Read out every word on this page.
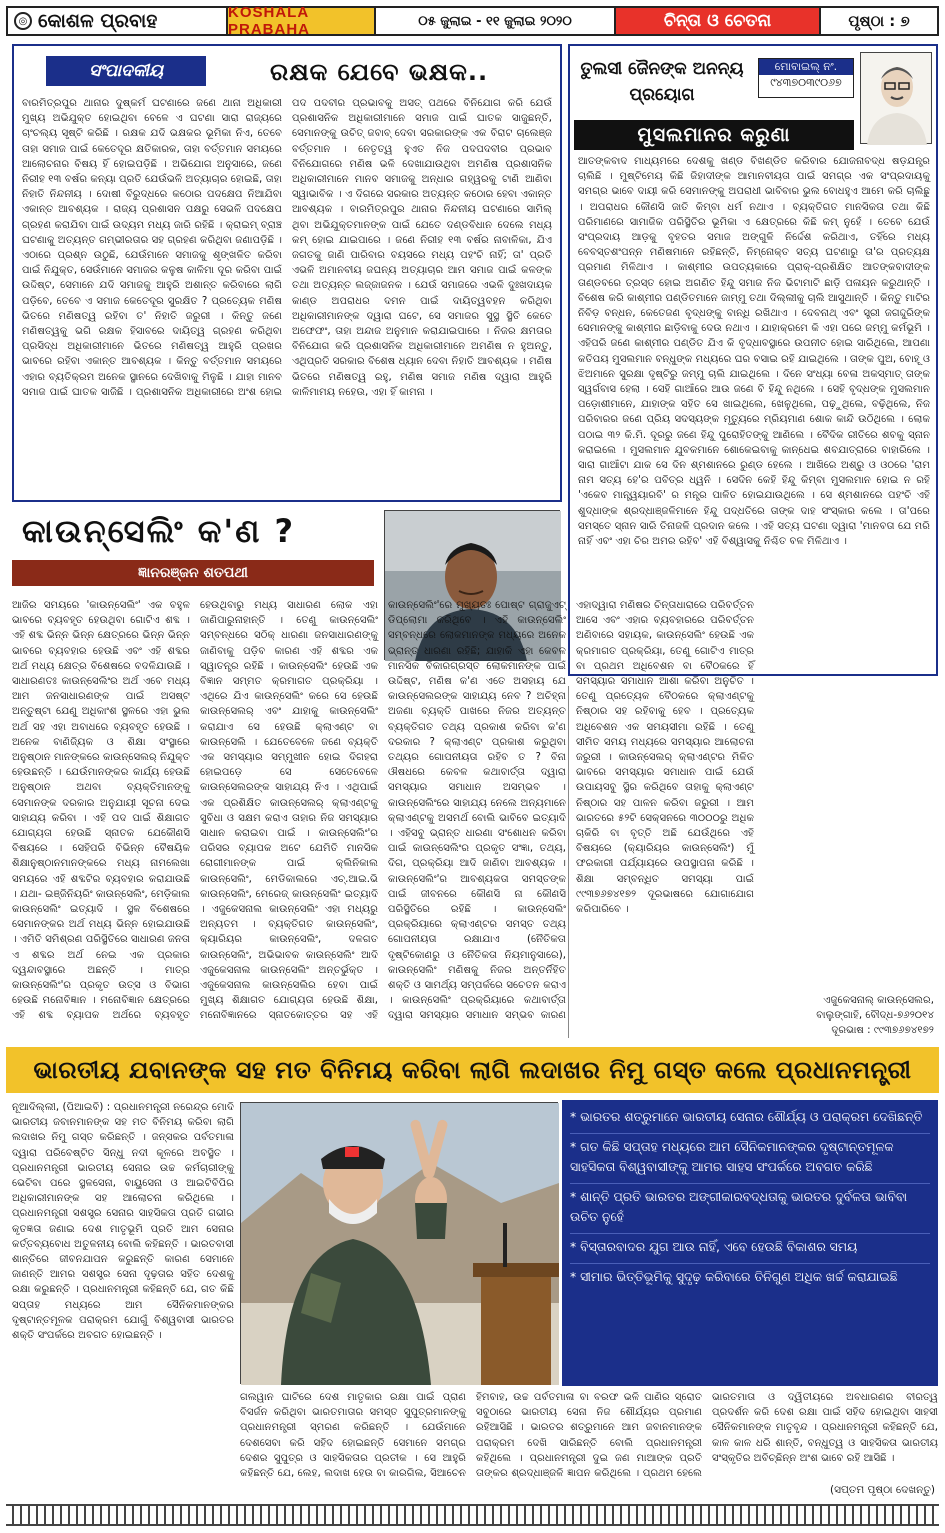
◎ କୋଶଳ ପ୍ରବାହ	KOSHALA PRABAHA	୦୫ ଜୁଲାଇ - ୧୧ ଜୁଲାଇ ୨୦୨୦	ଚିନ୍ତା ଓ ଚେତନା	ପୃଷ୍ଠା : ୭
ସଂପାଦକୀୟ	ରକ୍ଷକ ଯେବେ ଭକ୍ଷକ..
ବାରମିତ୍ରପୁର ଥାନାର ଦୁଷ୍କର୍ମ ଘଟଣାରେ ଜଣେ ଥାନା ଅଧିକାରୀ ମୁଖ୍ୟ ଅଭିଯୁକ୍ତ ହୋଇଥିବା ବେଳେ ଏ ଘଟଣା ସାରା ରାଜ୍ୟରେ ଚାଂଚଲ୍ୟ ସୃଷ୍ଟି କରିଛି । ରକ୍ଷକ ଯଦି ଭକ୍ଷକର ଭୂମିକା ନିଏ, ତେବେ ତାହା ସମାଜ ପାଇଁ କେତେଦୂର କ୍ଷତିକାରକ, ତାହା ବର୍ତ୍ତମାନ ସମୟରେ ଆଲୋଚନାର ବିଷୟ ହିଁ ହୋଇପଡ଼ିଛି । ଅଭିଯୋଗ ଅନୁସାରେ, ଜଣେ ନିରୀହ ୧୩ ବର୍ଷର କନ୍ୟା ପ୍ରତି ଯେଉଁଭଳି ଅତ୍ୟାଚାର ହୋଇଛି, ତାହା ନିହାତି ନିନ୍ଦନୀୟ । ଦୋଷୀ ବିରୁଦ୍ଧରେ କଠୋର ପଦକ୍ଷେପ ନିଆଯିବା ଏକାନ୍ତ ଆବଶ୍ୟକ । ରାଜ୍ୟ ପ୍ରଶାସନ ପକ୍ଷରୁ ସେଭଳି ପଦକ୍ଷେପ ଗ୍ରହଣ କରାଯିବା ପାଇଁ ଉଦ୍ୟମ ମଧ୍ୟ ଜାରି ରହିଛି । କ୍ରାଇମ୍ ବ୍ରାଞ୍ଚ ଘଟଣାକୁ ଅତ୍ୟନ୍ତ ଗମ୍ଭୀରତାର ସହ ଗ୍ରହଣ କରିଥିବା ଜଣାପଡ଼ିଛି । ଏଠାରେ ପ୍ରଶ୍ନ ଉଠୁଛି, ଯେଉଁମାନେ ସମାଜକୁ ଶୃଙ୍ଖଳିତ କରିବା ପାଇଁ ନିଯୁକ୍ତ, ସେଉଁମାନେ ସମାଜର କଳୁଷ କାଳିମା ଦୂର କରିବା ପାଇଁ ଉଦ୍ଦିଷ୍ଟ, ସେମାନେ ଯଦି ସମାଜକୁ ଆହୁରି ଅଶାନ୍ତ କରିବାରେ ଲାଗି ପଡ଼ିବେ, ତେବେ ଏ ସମାଜ କେତେଦୂର ସୁରକ୍ଷିତ ? ପ୍ରତ୍ୟେକ ମଣିଷ ଭିତରେ ମଣିଷତ୍ୱ ରହିବା ତ' ନିହାତି ଜରୁରୀ । କିନ୍ତୁ ଜଣେ ମଣିଷତ୍ୱକୁ ଭଗି ରକ୍ଷକ ହିସାବରେ ଦାୟିତ୍ୱ ଗ୍ରହଣ କରିଥିବା ପ୍ରସିଦ୍ଧ ଅଧିକାରୀମାନେ ଭିତରେ ମଣିଷତ୍ୱ ଆହୁରି ପ୍ରଖର ଭାବରେ ରହିବା ଏକାନ୍ତ ଆବଶ୍ୟକ । କିନ୍ତୁ ବର୍ତ୍ତମାନ ସମୟରେ ଏହାର ବ୍ୟତିକ୍ରମ ଅନେକ ସ୍ଥାନରେ ଦେଖିବାକୁ ମିଳୁଛି । ଯାହା ମାନବ ସମାଜ ପାଇଁ ଘାତକ ସାଜିଛି । ପ୍ରଶାସନିକ ଅଧିକାରୀରେ ଅଂଶ ହୋଇ ପଦ ପଦବୀର ପ୍ରଭାବକୁ ଅସତ୍ ପଥରେ ବିନିଯୋଗ କରି ଯେଉଁ ପ୍ରଶାସନିକ ଅଧିକାରୀମାନେ ସମାଜ ପାଇଁ ଘାତକ ସାଜୁଛନ୍ତି, ସେମାନଙ୍କୁ ଉଚିତ୍ ଜବାବ୍ ଦେବା ସରକାରଙ୍କ ଏକ ବିରାଟ ଚାଲେଞ୍ଜ ବର୍ତ୍ତମାନ । ନେତୃତ୍ୱ ହୁଏତ ନିଜ ପଦପଦବୀର ପ୍ରଭାବ ବିନିଯୋଗରେ ମଣିଷ ଭଳି ଦେଖାଯାଉଥିବା ଅମଣିଷ ପ୍ରଶାସନିକ ଅଧିକାରୀମାନେ ମାନବ ସମାଜକୁ ଅନ୍ଧାର ଗହ୍ୱରକୁ ଟାଣି ଆଣିବା ସ୍ୱାଭାବିକ । ଏ ଦିଗରେ ସରକାର ଅତ୍ୟନ୍ତ କଠୋର ହେବା ଏକାନ୍ତ ଆବଶ୍ୟକ । ବାରମିତ୍ରପୁର ଥାନାର ନିନ୍ଦନୀୟ ଘଟଣାରେ ସାମିଲ୍ ଥିବା ଅଭିଯୁକ୍ତମାନଙ୍କ ପାଇଁ ଯେତେ ଦଣ୍ଡବିଧାନ ଦେଲେ ମଧ୍ୟ କମ୍ ହୋଇ ଯାଇପାରେ । ଜଣେ ନିରୀହ ୧୩ ବର୍ଷର ନାବାଳିକା, ଯିଏ ଜଗତକୁ ଜାଣି ପାରିବାର ବୟସରେ ମଧ୍ୟ ପହଂଚି ନାହିଁ; ତା' ପ୍ରତି ଏଭଳି ଅମାନବୀୟ ଜଘନ୍ୟ ଅତ୍ୟାଚାର ଆମ ସମାଜ ପାଇଁ କଳଙ୍କ ତଥା ଅତ୍ୟନ୍ତ ଲଜ୍ଜାଜନକ । ଯେଉଁ ସମାଜରେ ଏଭଳି ଦୁଃଖଦାୟକ କାଣ୍ଡ ଅପରାଧର ଦମନ ପାଇଁ ଦାୟିତ୍ୱବହନ କରିଥିବା ଅଧିକାରୀମାନଙ୍କ ଦ୍ୱାରା ଘଟେ, ସେ ସମାଜର ସୁସ୍ଥ ସ୍ଥିତି କେତେ ଅଫେଫଂ, ତାହା ଅନ୍ଦାଜ ଅନୁମାନ କରାଯାଇପାରେ । ନିଜର କ୍ଷମତାର ବିନିଯୋଗ କରି ପ୍ରଶାସନିକ ଅଧିକାରୀମାନେ ଅମଣିଷ ନ ହୁଅନ୍ତୁ, ଏଥିପ୍ରତି ସରକାର ବିଶେଷ ଧ୍ୟାନ ଦେବା ନିହାତି ଆବଶ୍ୟକ । ମଣିଷ ଭିତରେ ମଣିଷତ୍ୱ ରହୁ, ମଣିଷ ସମାଜ ମଣିଷ ଦ୍ୱାରା ଆହୁରି କାଳିମାମୟ ନହେଉ, ଏହା ହିଁ କାମନା ।
ତୁଲସୀ ଜୈନଙ୍କ ଅନନ୍ୟ ପ୍ରୟୋଗ
ମୋବାଇଲ୍ ନଂ.
୯୪୩୭୦୩୯୦୬୭
ମୁସଲମାନର କରୁଣା
ଆତଙ୍କବାଦ ମାଧ୍ୟମରେ ଦେଶକୁ ଖଣ୍ଡ ବିଖଣ୍ଡିତ କରିବାର ଯୋଜନାବଦ୍ଧ ଷଡ଼ଯନ୍ତ୍ର ଚାଲିଛି । ମୁଷ୍ଟିମେୟ କିଛି ଜିହାଦୀଙ୍କ ଆମାନବୀୟତା ପାଇଁ ସମଗ୍ର ଏକ ସଂପ୍ରଦାୟକୁ ସମଗ୍ର ଭାବେ ଦାୟୀ କରି ସେମାନଙ୍କୁ ଅପରାଧୀ ଭାବିବାର ଭୁଲ ବୋଧହୁଏ ଆମେ କରି ଚାଲିଛୁ । ଅପରାଧର କୌଣସି ଜାତି କିମ୍ବା ଧର୍ମ ନଥାଏ । ବ୍ୟକ୍ତିଗତ ମାନସିକତା ତଥା କିଛି ପରିମାଣରେ ସାମାଜିକ ପରିସ୍ଥିତିର ଭୂମିକା ଏ କ୍ଷେତ୍ରରେ କିଛି କମ୍ ନୁହେଁ । ତେବେ ଯେଉଁ ସଂପ୍ରଦାୟ ଆଡ଼କୁ ବୃହତର ସମାଜ ଅଙ୍ଗୁଳି ନିର୍ଦ୍ଦେଶ କରିଥାଏ, ତହିଁରେ ମଧ୍ୟ ବେବସ୍ତଶଂପନ୍ନ ମଣିଷମାନେ ରହିଛନ୍ତି, ନିମ୍ନୋକ୍ତ ସତ୍ୟ ଘଟଣାରୁ ତା'ର ପ୍ରତ୍ୟକ୍ଷ ପ୍ରମାଣ ମିଳିଥାଏ । କାଶ୍ମୀର ଉପତ୍ୟକାରେ ପ୍ରାକ୍-ପ୍ରଶିକ୍ଷିତ ଆତଙ୍କବାଦୀଙ୍କ ତାଣ୍ଡବରେ ତ୍ରସ୍ତ ହୋଇ ଅଗଣିତ ହିନ୍ଦୁ ସମାଜ ନିଜ ଭିଟାମାଟି ଛାଡ଼ି ପଳାୟନ କରୁଥାନ୍ତି । ବିଶେଷ କରି କାଶ୍ମୀର ପଣ୍ଡିତମାନେ ଜାମ୍ମୁ ତଥା ଦିଲ୍ଲୀକୁ ଚାଲି ଆସୁଥାନ୍ତି । କିନ୍ତୁ ମାଟିର ନିବିଡ଼ ବନ୍ଧନ, କେତେଜଣ ବୃଦ୍ଧଙ୍କୁ ବାନ୍ଧି ରଖିଥାଏ । ଦେବନାଥ୍ ଏବଂ ସ୍ତ୍ରୀ ଜଗଦ୍ଦୁରିଙ୍କ ସେମାନଙ୍କୁ କାଶ୍ମୀର ଛାଡ଼ିବାକୁ ଦେଉ ନଥାଏ । ଯାହାକ୍ରମେ କି ଏହା ପରେ ଜମ୍ମୁ କର୍ମଭୂମି । ଏହିପରି ଜଣେ କାଶ୍ମୀର ପଣ୍ଡିତ ଯିଏ କି ବୃଦ୍ଧାବସ୍ଥାରେ ଉପନୀତ ହୋଇ ସାରିଥିଲେ, ଆପଣା କତିପୟ ମୁସଲମାନ ବନ୍ଧୁଙ୍କ ମଧ୍ୟରେ ଘର ବସାଇ ରହି ଯାଇଥିଲେ । ତାଙ୍କ ପୁଅ, ବୋହୂ ଓ ଝିଅମାନେ ସୁରକ୍ଷା ଦୃଷ୍ଟିରୁ ଜମ୍ମୁ ଚାଲି ଯାଇଥିଲେ । ଦିନେ ସଂଧ୍ୟା ବେଳା ଅକସ୍ମାତ୍ ତାଙ୍କ ସ୍ୱର୍ଗବାସ ହେଲା । ସେହି ଗାଆଁରେ ଆଉ ଜଣେ ବି ହିନ୍ଦୁ ନଥିଲେ । ସେହି ବୃଦ୍ଧଙ୍କ ମୁସଲମାନ ପଡ଼ୋଶୀମାନେ, ଯାହାଙ୍କ ସହିତ ସେ ଖାଇଥିଲେ, ଖେଳୁଥିଲେ, ପଢ଼ୁଥିଲେ, ବଢ଼ିଥିଲେ, ନିଜ ପରିବାରର ଜଣେ ପ୍ରିୟ ସଦସ୍ୟଙ୍କ ମୃତ୍ୟୁରେ ମ୍ରିୟମାଣ ଶୋକ କାନ୍ଦି ଉଠିଥିଲେ । ଲୋକ ପଠାଇ ୩୨ କି.ମି. ଦୂରରୁ ଜଣେ ହିନ୍ଦୁ ପୁରୋହିତଙ୍କୁ ଆଣିଲେ । ବୈଦିକ ରୀତିରେ ଶବକୁ ସ୍ନାନ କରାଇଲେ । ମୁସଲମାନ ଯୁବକମାନେ ଶୋକେଇବାକୁ କାନ୍ଧେଇ ଶବଯାତ୍ରାରେ ବାହାରିଲେ । ସାରା ଗାଆଁଟା ଯାକ ସେ ଦିନ ଶ୍ମଶାନରେ ରୁଣ୍ଡ ହେଲେ । ଆଖିରେ ଅଶ୍ରୁ ଓ ଓଠରେ 'ରାମ ନାମ ସତ୍ୟ ହେ'ର ପବିତ୍ର ଧ୍ୱନି । ସେଦିନ କେହି ହିନ୍ଦୁ କିମ୍ବା ମୁସଲମାନ ହୋଇ ନ ରହି 'ଏକେବ ମାନ୍ତ୍ୱୟାରବି' ର ମନ୍ତ୍ର ପାଳିତ ହୋଇଯାଉଥିଲେ । ସେ ଶ୍ମଶାନରେ ପହଂଚି ଏହି ଶୁଦ୍ଧାଙ୍କ ଶ୍ରଦ୍ଧାଞ୍ଜଳିମାନେ ହିନ୍ଦୁ ପଦ୍ଧତିରେ ତାଙ୍କ ଦାହ ସଂସ୍କାର କଲେ । ତା'ପରେ ସମସ୍ତେ ସ୍ନାନ ସାରି ତିନାଜଳି ପ୍ରଦାନ କଲେ । ଏହି ସତ୍ୟ ଘଟଣା ଦ୍ୱାରା 'ମାନବତା ଯେ ମରି ନାହିଁ ଏବଂ ଏହା ଚିର ଅମର ରହିବ' ଏହି ବିଶ୍ୱାସକୁ ନିଶ୍ଚିତ ବଳ ମିଳିଥାଏ ।
କାଉନ୍‌ସେଲିଂ କ'ଣ ?
ଜ୍ଞାନରଞ୍ଜନ ଶତପଥୀ
ଆଜିର ସମୟରେ 'କାଉନ୍‌ସେଲିଂ' ଏକ ବହୁଳ ଭାବରେ ବ୍ୟବହୃତ ହେଉଥିବା ଗୋଟିଏ ଶବ୍ଦ । ଏହି ଶବ୍ଦ ଭିନ୍ନ ଭିନ୍ନ କ୍ଷେତ୍ରରେ ଭିନ୍ନ ଭିନ୍ନ ଭାବରେ ବ୍ୟବହାର ହେଉଛି ଏବଂ ଏହି ଶବ୍ଦର ଅର୍ଥ ମଧ୍ୟ କ୍ଷେତ୍ର ବିଶେଷରେ ବଦଳିଯାଉଛି । ସାଧାରଣତଃ କାଉନ୍‌ସେଲିଂର ଅର୍ଥ ଏବେ ମଧ୍ୟ ଆମ ଜନସାଧାରଣଙ୍କ ପାଇଁ ଅସଷ୍ଟ ଅନ୍ତୁଷ୍ଟା ଯେଣୁ ଅଧିକାଂଶ ସ୍ଥଳରେ ଏହା ଭୁଲ ଅର୍ଥ ସହ ଏହା ଅବାଧରେ ବ୍ୟବହୃତ ହେଉଛି । ଅନେକ ବାଣିଜ୍ୟିକ ଓ ଶିକ୍ଷା ସଂସ୍ଥାରେ ଅନୁଷ୍ଠାନ ମାନଙ୍କରେ କାଉନ୍‌ସେଲର୍ ନିଯୁକ୍ତ ହେଉଛନ୍ତି । ଯେଉଁମାନଙ୍କର କାର୍ଯ୍ୟ ହେଉଛି ଅନୁଷ୍ଠାନ ଅଥବା ବ୍ୟକ୍ତିମାନଙ୍କୁ ସେମାନଙ୍କ ଦରକାର ଅନୁଯାୟୀ ସୂଚନା ଦେଇ ସାହାଯ୍ୟ କରିବା । ଏହି ପଦ ପାଇଁ ଶିକ୍ଷାଗତ ଯୋଗ୍ୟତା ହେଉଛି ସ୍ନାତକ ଯେକୌଣସି ବିଷୟରେ । ସେହିପରି ବିଭିନ୍ନ ବୈଷୟିକ ଶିକ୍ଷାନୁଷ୍ଠାନମାନଙ୍କରେ ମଧ୍ୟ ନାମଲେଖା ସମୟରେ ଏହି ଶବ୍ଦଟିର ବ୍ୟବହାର କରାଯାଉଛି । ଯଥା- ଇଞ୍ଜିନିୟରିଂ କାଉନ୍‌ସେଲିଂ, ମେଡ଼ିକାଲ କାଉନ୍‌ସେଲିଂ ଇତ୍ୟାଦି । ସ୍ଥଳ ବିଶେଷରେ ସେମାନଙ୍କର ଅର୍ଥ ମଧ୍ୟ ଭିନ୍ନ ହୋଇଯାଉଛି । ଏମିତି ସମିଶ୍ରଣ ପରିସ୍ଥିତିରେ ସାଧାରଣ ଜନତା ଏ ଶବ୍ଦର ଅର୍ଥ ନେଇ ଏକ ପ୍ରକାର ଦ୍ୱନ୍ଦାବସ୍ଥାରେ ଅଛନ୍ତି । ମାତ୍ର କାଉନ୍‌ସେଲିଂ'ର ପ୍ରକୃତ ଉତ୍ସ ଓ ବିଭାଗ ହେଉଛି ମନୋବିଜ୍ଞାନ । ମନୋବିଜ୍ଞାନ କ୍ଷେତ୍ରରେ ଏହି ଶବ୍ଦ ବ୍ୟାପକ ଅର୍ଥରେ ବ୍ୟବହୃତ ହେଉଥିବାରୁ ମଧ୍ୟ ସାଧାରଣ ଲୋକ ଏହା ଜାଣିପାରୁନାହାନ୍ତି । ତେଣୁ କାଉନ୍‌ସେଲିଂ ସମ୍ବନ୍ଧରେ ସଠିକ୍ ଧାରଣା ଜନସାଧାରଣଙ୍କୁ ଜାଣିବାକୁ ପଡ଼ିବ କାରଣ ଏହି ଶବ୍ଦର ଏକ ସ୍ୱାତନ୍ତ୍ର ରହିଛି । କାଉନ୍‌ସେଲିଂ ହେଉଛି ଏକ ବିଜ୍ଞାନ ସମ୍ମତ କ୍ରମାଗତ ପ୍ରକ୍ରିୟା । ଏଥିରେ ଯିଏ କାଉନ୍‌ସେଲିଂ କରେ ସେ ହେଉଛି କାଉନ୍‌ସେଲର୍ ଏବଂ ଯାହାକୁ କାଉନ୍‌ସେଲିଂ କରାଯାଏ ସେ ହେଉଛି କ୍ଲାଏଣ୍ଟ ବା କାଉନ୍‌ସେଲି । ଯେତେବେଳେ ଜଣେ ବ୍ୟକ୍ତି ଏକ ସମସ୍ୟାର ସମ୍ମୁଖୀନ ହୋଇ ଦିଗହରା ହୋଇପଡ଼େ ସେ ସେତେବେଳେ କାଉନ୍‌ସେଲରଙ୍କ ସାହାଯ୍ୟ ନିଏ । ଏଥିପାଇଁ ଏକ ପ୍ରଶିକ୍ଷିତ କାଉନ୍‌ସେଲର୍ କ୍ଲାଏଣ୍ଟକୁ ସୁବିଧା ଓ ସକ୍ଷମ କରାଏ ତାହାର ନିଜ ସମସ୍ୟାର ସାଧାନ କରାଇବା ପାଇଁ । କାଉନ୍‌ସେଲିଂ'ର ପରିସର ବ୍ୟାପକ ଅଟେ ଯେମିତି ମାନସିକ ରୋଗୀମାନଙ୍କ ପାଇଁ କ୍ଲିନିକାଲ କାଉନ୍‌ସେଲିଂ, ମେଡିକାଲରେ ଏଚ୍.ଆଇ.ଭି କାଉନ୍‌ସେଲିଂ, ମେରେଜ୍ କାଉନ୍‌ସେଲିଂ ଇତ୍ୟାଦି । ଏଜୁକେସନାଲ କାଉନ୍‌ସେଲିଂ ଏହା ମଧ୍ୟରୁ ଅନ୍ୟତମ । ବ୍ୟକ୍ତିଗତ କାଉନ୍‌ସେଲିଂ, କ୍ୟାରିୟର କାଉନ୍‌ସେଲିଂ, ଦଳଗତ କାଉନ୍‌ସେଲିଂ, ଅଭିଭାବକ କାଉନ୍‌ସେଲିଂ ଆଦି ଏଜୁକେସନାଲ କାଉନ୍‌ସେଲିଂ ଅନ୍ତର୍ଭୁକ୍ତ । ଏଜୁକେସନାଲ କାଉନ୍‌ସେଲିର ହେବା ପାଇଁ ମୁଖ୍ୟ ଶିକ୍ଷାଗତ ଯୋଗ୍ୟତା ହେଉଛି ଶିକ୍ଷା, ମନୋବିଜ୍ଞାନରେ ସ୍ନାତକୋତ୍ତର ସହ ଏହି କାଉନ୍‌ସେଲିଂ'ରେ ମୁଖ୍ୟତଃ ପୋଷ୍ଟ ଗ୍ରାଜୁଏଟ୍ ଡିପ୍ଲୋମା କରିଥିବେ । ଏହି କାଉନ୍‌ସେଲିଂ ସମ୍ବନ୍ଧରେ ଲୋକମାନଙ୍କ ମଧ୍ୟରେ ଅନେକ ଭ୍ରାନ୍ତ ଧାରଣା ରହିଛି; ଯାହାକି ଏହା କେବଳ ମାନସିକ ବିକାରଗ୍ରସ୍ତ ଲୋକମାନଙ୍କ ପାଇଁ ଉଦ୍ଦିଷ୍ଟ, ମଣିଷ କ'ଣ ଏତେ ଅସହାୟ ଯେ କାଉନ୍‌ସେଲରଙ୍କ ସାହାଯ୍ୟ ନେବ ? ଅଚିହ୍ନା ଅଜଣା ବ୍ୟକ୍ତି ପାଖରେ ନିଜର ଅତ୍ୟନ୍ତ ବ୍ୟକ୍ତିଗତ ତଥ୍ୟ ପ୍ରକାଶ କରିବା କ'ଣ ଦରକାର ? କ୍ଲାଏଣ୍ଟ ପ୍ରକାଶ କରୁଥିବା ତଥ୍ୟର ଗୋପନୀୟତା ରହିବ ତ ? ବିନା ଔଷଧରେ କେବଳ କଥାବାର୍ତ୍ତା ଦ୍ୱାରା ସମସ୍ୟାର ସମାଧାନ ଅସମ୍ଭବ । କାଉନ୍‌ସେଲିଂରେ ସାହାଯ୍ୟ ନେଲେ ଅନ୍ୟମାନେ କ୍ଲାଏଣ୍ଟକୁ ଅସମର୍ଥ ବୋଲି ଭାବିବେ ଇତ୍ୟାଦି । ଏହିସବୁ ଭ୍ରାନ୍ତ ଧାରଣା ସଂଶୋଧନ କରିବା ପାଇଁ କାଉନ୍‌ସେଲିଂର ପ୍ରକୃତ ସଂଜ୍ଞା, ତଥ୍ୟ, ଦିଗ, ପ୍ରକ୍ରିୟା ଆଦି ଜାଣିବା ଆବଶ୍ୟକ । କାଉନ୍‌ସେଲିଂ'ର ଆବଶ୍ୟକତା ସମସ୍ତଙ୍କ ପାଇଁ ଜୀବନରେ କୌଣସି ନା କୌଣସି ପରିସ୍ଥିତିରେ ରହିଛି । କାଉନ୍‌ସେଲିଂ ପ୍ରକ୍ରିୟାରେ କ୍ଲାଏଣ୍ଟର ସମସ୍ତ ତଥ୍ୟ ଗୋପନୀୟତା ରକ୍ଷାଯାଏ (ନୈତିକତା ଦୃଷ୍ଟିକୋଣରୁ ଓ ନୈତିକତା ନିୟମାନୁସାରେ), କାଉନ୍‌ସେଲିଂ ମଣିଷକୁ ନିଜର ଅନ୍ତର୍ନିହିତ ଶକ୍ତି ଓ ସାମର୍ଥ୍ୟ ସମ୍ପର୍କରେ ସଚେତନ କରାଏ । କାଉନ୍‌ସେଲିଂ ପ୍ରକ୍ରିୟାରେ କଥାବାର୍ତ୍ତା ଦ୍ୱାରା ସମସ୍ୟାର ସମାଧାନ ସମ୍ଭବ କାରଣ ଏହାଦ୍ୱାରା ମଣିଷର ଚିନ୍ତାଧାରାରେ ପରିବର୍ତ୍ତନ ଆସେ ଏବଂ ଏହାର ବ୍ୟବହାରରେ ପରିବର୍ତ୍ତନ ଅଣିବାରେ ସହାୟକ, କାଉନ୍‌ସେଲିଂ ହେଉଛି ଏକ କ୍ରମାଗତ ପ୍ରକ୍ରିୟା, ତେଣୁ ଗୋଟିଏ ମାତ୍ର ବା ପ୍ରଥମ ଅଧିବେଶନ ବା ବୈଠକରେ ହିଁ ସମସ୍ୟାର ସମାଧାନ ଆଶା କରିବା ଅନୁଚିତ । ତେଣୁ ପ୍ରତ୍ୟେକ ବୈଠକରେ କ୍ଲାଏଣ୍ଟକୁ ନିଷ୍ଠାର ସହ ରହିବାକୁ ହେବ । ପ୍ରତ୍ୟେକ ଅଧିବେଶନ ଏକ ସମୟସୀମା ରହିଛି । ତେଣୁ ସୀମିତ ସମୟ ମଧ୍ୟରେ ସମସ୍ୟାର ଆଲୋଚନା ଜରୁରୀ । କାଉନ୍‌ସେଲର୍ କ୍ଲାଏଣ୍ଟର ମିଳିତ ଭାବରେ ସମସ୍ୟାର ସମାଧାନ ପାଇଁ ଯେଉଁ ଉପାୟସବୁ ସ୍ଥିର କରିଥିବେ ତାହାକୁ କ୍ଲାଏଣ୍ଟ ନିଷ୍ଠାର ସହ ପାଳନ କରିବା ଜରୁରୀ । ଆମ ଭାରତରେ ୫୨ଟି ସେକ୍ସନରେ ୩୦୦୦ରୁ ଅଧିକ ଚାକିରି ବା ବୃତ୍ତି ଅଛି ଯେଉଁଥିରେ ଏହି ବିଷୟରେ (କ୍ୟାରିୟର କାଉନ୍‌ସେଲିଂ) ମୁଁ ଫରକାରୀ ପର୍ଯ୍ୟାୟରେ ଉପସ୍ଥାପନା କରିଛି । ଶିକ୍ଷା ସମ୍ବନ୍ଧିତ ସମସ୍ୟା ପାଇଁ ୯୯୩୭୬୭୪୧୭୨ ଦୂରଭାଷରେ ଯୋଗାଯୋଗ କରିପାରିବେ ।
ଏଜୁକେସନାଲ୍ କାଉନ୍‌ସେଲର,
ବାଲୁଙ୍ଗାହି, ବୌଦ୍ଧ-୭୬୨୦୧୪
ଦୂରଭାଷ : ୯୯୩୭୬୭୪୧୭୨
ଭାରତୀୟ ଯବାନଙ୍କ ସହ ମତ ବିନିମୟ କରିବା ଲାଗି ଲଦାଖର ନିମୁ ଗସ୍ତ କଲେ ପ୍ରଧାନମନ୍ତ୍ରୀ
ନୂଆଦିଲ୍ଲୀ, (ପିଆଇବି) : ପ୍ରଧାନମନ୍ତ୍ରୀ ନରେନ୍ଦ୍ର ମୋଦି ଭାରତୀୟ ଜବାନମାନଙ୍କ ସହ ମତ ବିନିମୟ କରିବା ଲାଗି ଲଦାଖର ନିମୁ ଗସ୍ତ କରିଛନ୍ତି । ଜନ୍ସକର ପର୍ବତମାଳା ଦ୍ୱାରା ପରିବେଷ୍ଟିତ ସିନ୍ଧୁ ନଦୀ କୂଳରେ ଅବସ୍ଥିତ । ପ୍ରଧାନମନ୍ତ୍ରୀ ଭାରତୀୟ ସେନାର ଉଚ୍ଚ କର୍ମଚାରୀଙ୍କୁ ଭେଟିବା ପରେ ସ୍ଥଳସେନା, ବାୟୁସେନା ଓ ଆଇଟିବିପିର ଅଧିକାରୀମାନଙ୍କ ସହ ଆଲୋଚନା କରିଥିଲେ । ପ୍ରଧାନମନ୍ତ୍ରୀ ସଶସ୍ତ୍ର ସେନାର ସାହସିକତା ପ୍ରତି ଗଭୀର କୃତଜ୍ଞତା ଜଣାଇ ଦେଶ ମାତୃଭୂମି ପ୍ରତି ଆମ ସେନାର କର୍ତ୍ତବ୍ୟବୋଧ ଅତୁଳନୀୟ ବୋଲି କହିଛନ୍ତି । ଭାରତବାସୀ ଶାନ୍ତିରେ ଜୀବନଯାପନ କରୁଛନ୍ତି କାରଣ ସେମାନେ ଜାଣନ୍ତି ଆମର ସଶସ୍ତ୍ର ସେନା ଦୃଢ଼ତାର ସହିତ ଦେଶକୁ ରକ୍ଷା କରୁଛନ୍ତି । ପ୍ରଧାନମନ୍ତ୍ରୀ କହିଛନ୍ତି ଯେ, ଗତ କିଛି ସପ୍ତାହ ମଧ୍ୟରେ ଆମ ସୈନିକମାନଙ୍କର ଦୃଷ୍ଟାନ୍ତମୂଳକ ପରାକ୍ରମ ଯୋଗୁଁ ବିଶ୍ୱବାସୀ ଭାରତର ଶକ୍ତି ସଂପର୍କରେ ଅବଗତ ହୋଇଛନ୍ତି ।
* ଭାରତର ଶତ୍ରୁମାନେ ଭାରତୀୟ ସେନାର ଶୌର୍ଯ୍ୟ ଓ ପରାକ୍ରମ ଦେଖିଛନ୍ତି
* ଗତ କିଛି ସପ୍ତାହ ମଧ୍ୟରେ ଆମ ସୈନିକମାନଙ୍କର ଦୃଷ୍ଟାନ୍ତମୂଳକ ସାହସିକତା ବିଶ୍ୱବାସୀଙ୍କୁ ଆମର ସାହସ ସଂପର୍କରେ ଅବଗତ କରିଛି
* ଶାନ୍ତି ପ୍ରତି ଭାରତର ଅଙ୍ଗୀକାରବଦ୍ଧତାକୁ ଭାରତର ଦୁର୍ବଳତା ଭାବିବା ଉଚିତ ନୁହେଁ
* ବିସ୍ତାରବାଦର ଯୁଗ ଆଉ ନାହିଁ, ଏବେ ହେଉଛି ବିକାଶର ସମୟ
* ସୀମାର ଭିତ୍ତିଭୂମିକୁ ସୁଦୃଢ଼ କରିବାରେ ତିନିଗୁଣ ଅଧିକ ଖର୍ଚ୍ଚ କରାଯାଇଛି
ଗଲୱାନ ଘାଟିରେ ଦେଶ ମାତୃକାର ରକ୍ଷା ପାଇଁ ପ୍ରାଣ ବିସର୍ଜନ କରିଥିବା ଭାରତମାତାର ସମସ୍ତ ସୁପୁତ୍ରମାନଙ୍କୁ ପ୍ରଧାନମନ୍ତ୍ରୀ ସ୍ମରଣ କରିଛନ୍ତି । ଯେଉଁମାନେ ଦେଶସେବା କରି ସହିଦ ହୋଇଛନ୍ତି ସେମାନେ ସମଗ୍ର ଦେଶର ସୁପୁତ୍ର ଓ ସାହସିକତାର ପ୍ରତୀକ । ସେ ଆହୁରି କହିଛନ୍ତି ଯେ, ଲେହ, ଲଦାଖ ହେଉ ବା କାରଗିଲ, ସିଆଚେନ ହିମବାହ, ଉଚ୍ଚ ପର୍ବତମାଳା ବା ବରଫ ଭଳି ପାଣିର ସ୍ରୋତ ସବୁଠାରେ ଭାରତୀୟ ସେନା ନିଜ ଶୌର୍ଯ୍ୟର ପ୍ରମାଣ ରହିଆସିଛି । ଭାରତର ଶତ୍ରୁମାନେ ଆମ ଜବାନମାନଙ୍କ ପରାକ୍ରମ ଦେଖି ସାରିଛନ୍ତି ବୋଲି ପ୍ରଧାନମନ୍ତ୍ରୀ କହିଥିଲେ । ପ୍ରଧାନମନ୍ତ୍ରୀ ଦୁଇ ଜଣ ମାଆଙ୍କ ପ୍ରତି ତାଙ୍କର ଶ୍ରଦ୍ଧାଞ୍ଜଳି ଜ୍ଞାପନ କରିଥିଲେ । ପ୍ରଥମ ହେଲେ ଭାରତମାତା ଓ ଦ୍ୱିତୀୟରେ ଅବଧାରଣର ବୀରତ୍ୱ ପ୍ରଦର୍ଶନ କରି ଦେଶ ରକ୍ଷା ପାଇଁ ସହିଦ ହୋଇଥିବା ସାହସୀ ସୈନିକମାନଙ୍କ ମାତୃବୃନ୍ଦ । ପ୍ରଧାନମନ୍ତ୍ରୀ କହିଛନ୍ତି ଯେ, କାଳ କାଳ ଧରି ଶାନ୍ତି, ବନ୍ଧୁତ୍ୱ ଓ ସାହସିକତା ଭାରତୀୟ ସଂସ୍କୃତିର ଅବିଚ୍ଛିନ୍ନ ଅଂଶ ଭାବେ ରହି ଆସିଛି ।
(ସପ୍ତମ ପୃଷ୍ଠା ଦେଖନ୍ତୁ)
